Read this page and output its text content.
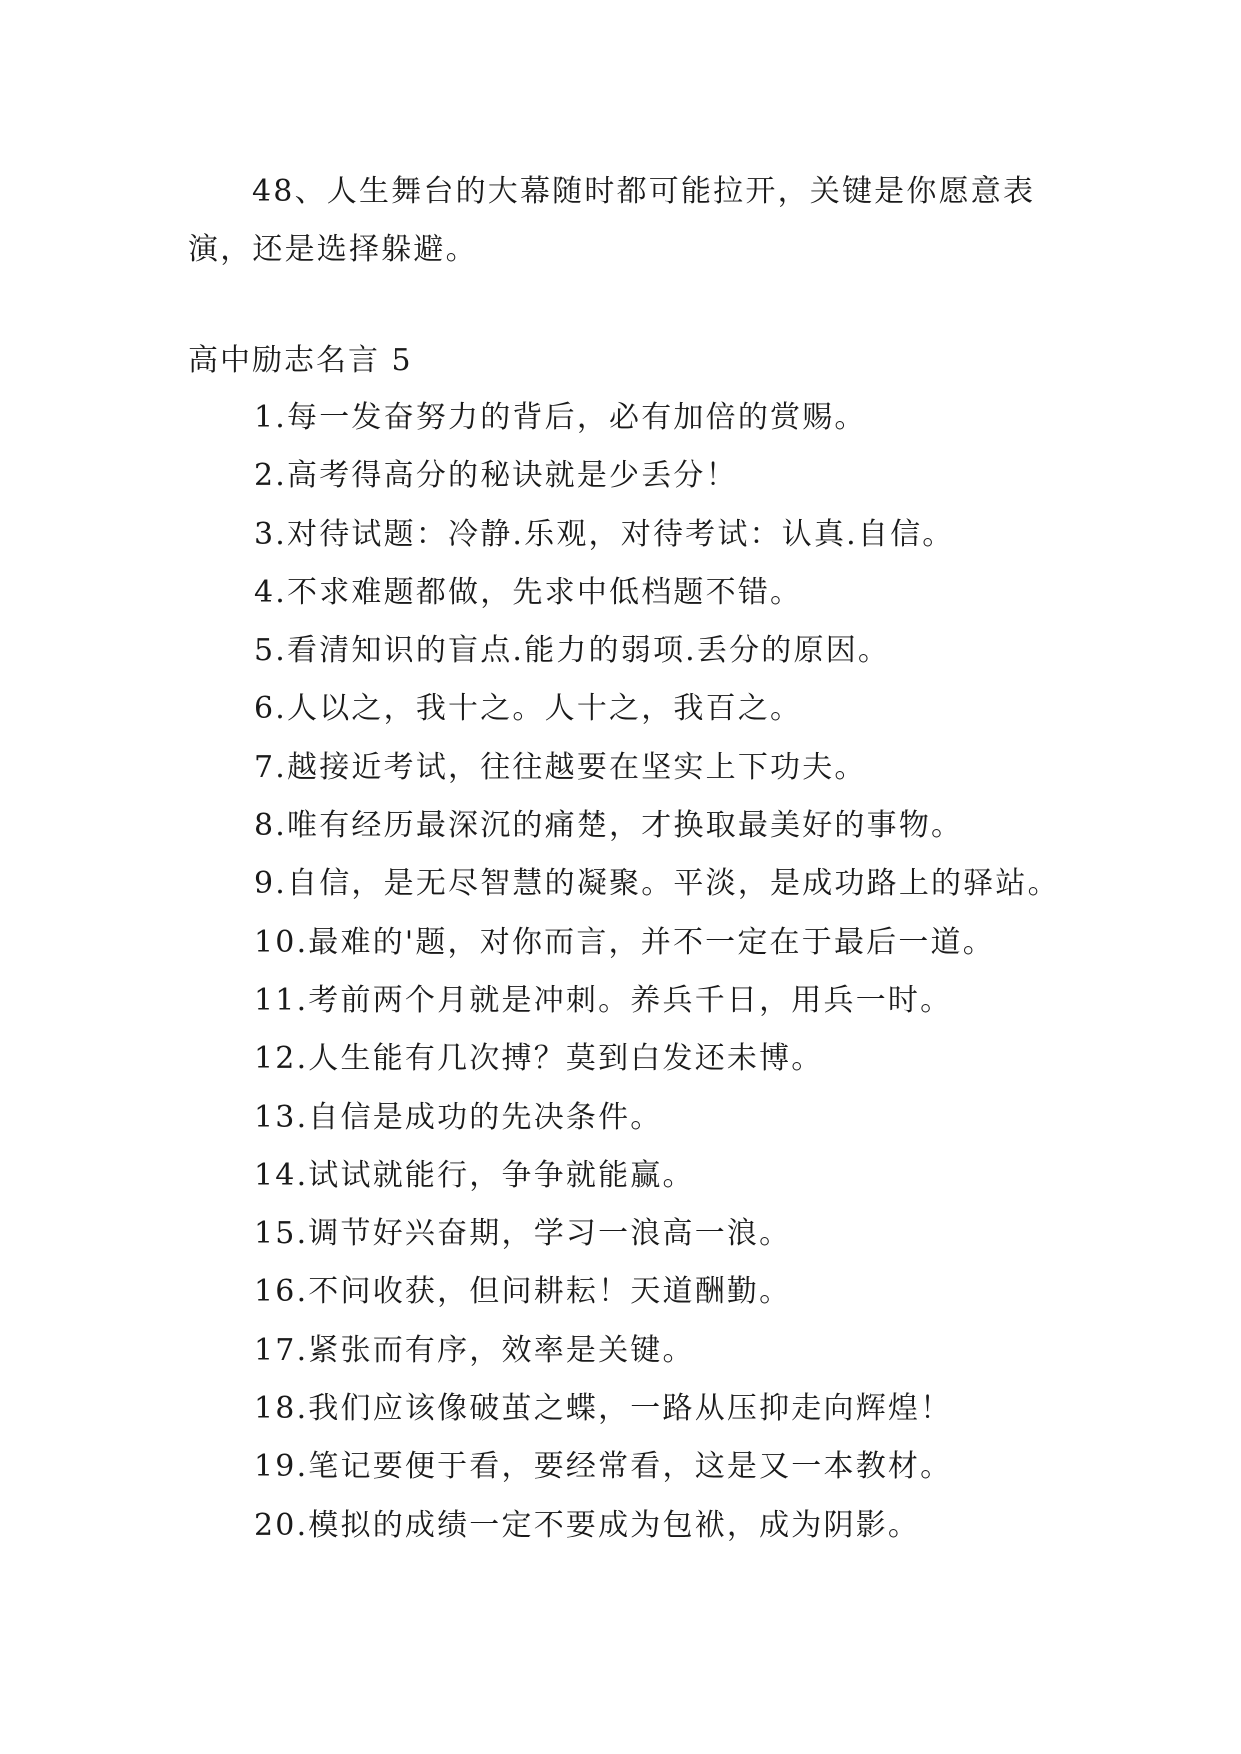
48、人生舞台的大幕随时都可能拉开，关键是你愿意表演，还是选择躲避。

高中励志名言 5
1.每一发奋努力的背后，必有加倍的赏赐。
2.高考得高分的秘诀就是少丢分！
3.对待试题：冷静.乐观，对待考试：认真.自信。
4.不求难题都做，先求中低档题不错。
5.看清知识的盲点.能力的弱项.丢分的原因。
6.人以之，我十之。人十之，我百之。
7.越接近考试，往往越要在坚实上下功夫。
8.唯有经历最深沉的痛楚，才换取最美好的事物。
9.自信，是无尽智慧的凝聚。平淡，是成功路上的驿站。
10.最难的'题，对你而言，并不一定在于最后一道。
11.考前两个月就是冲刺。养兵千日，用兵一时。
12.人生能有几次搏？莫到白发还未博。
13.自信是成功的先决条件。
14.试试就能行，争争就能赢。
15.调节好兴奋期，学习一浪高一浪。
16.不问收获，但问耕耘！天道酬勤。
17.紧张而有序，效率是关键。
18.我们应该像破茧之蝶，一路从压抑走向辉煌！
19.笔记要便于看，要经常看，这是又一本教材。
20.模拟的成绩一定不要成为包袱，成为阴影。
